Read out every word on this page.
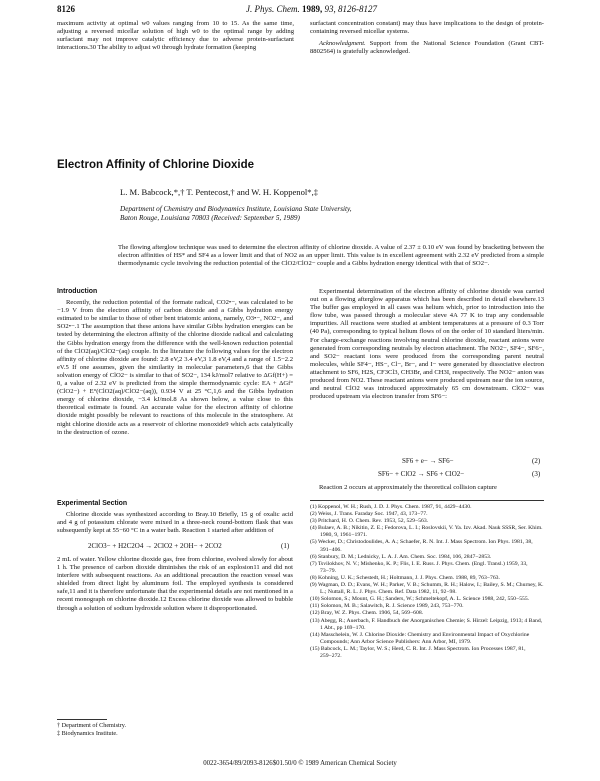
8126	J. Phys. Chem. 1989, 93, 8126-8127

maximum activity at optimal w0 values ranging from 10 to 15. As the same time, adjusting a reversed micellar solution of high w0 to the optimal range by adding surfactant may not improve catalytic efficiency due to adverse protein-surfactant interactions.30 The ability to adjust w0 through hydrate formation (keeping

surfactant concentration constant) may thus have implications to the design of protein-containing reversed micellar systems.

Acknowledgment. Support from the National Science Foundation (Grant CBT-8802564) is gratefully acknowledged.

Electron Affinity of Chlorine Dioxide
L. M. Babcock,*,† T. Pentecost,† and W. H. Koppenol*,‡
Department of Chemistry and Biodynamics Institute, Louisiana State University,
Baton Rouge, Louisiana 70803 (Received: September 5, 1989)
The flowing afterglow technique was used to determine the electron affinity of chlorine dioxide. A value of 2.37 ± 0.10 eV was found by bracketing between the electron affinities of HS* and SF4 as a lower limit and that of NO2 as an upper limit. This value is in excellent agreement with 2.32 eV predicted from a simple thermodynamic cycle involving the reduction potential of the ClO2/ClO2− couple and a Gibbs hydration energy identical with that of SO2−.
Introduction

Recently, the reduction potential of the formate radical, CO2•−, was calculated to be −1.9 V from the electron affinity of carbon dioxide and a Gibbs hydration energy estimated to be similar to those of other bent triatomic anions, namely, O3•−, NO2−, and SO2•−.1 The assumption that these anions have similar Gibbs hydration energies can be tested by determining the electron affinity of the chlorine dioxide radical and calculating the Gibbs hydration energy from the difference with the well-known reduction potential of the ClO2(aq)/ClO2−(aq) couple. In the literature the following values for the electron affinity of chlorine dioxide are found: 2.8 eV,2 3.4 eV,3 1.8 eV,4 and a range of 1.5−2.2 eV.5 If one assumes, given the similarity in molecular parameters,6 that the Gibbs solvation energy of ClO2− is similar to that of SO2−, 134 kJ/mol7 relative to ΔGf(H+) = 0, a value of 2.32 eV is predicted from the simple thermodynamic cycle: EA + ΔGf°(ClO2−) + E°(ClO2(aq)/ClO2−(aq)), 0.934 V at 25 °C,1,6 and the Gibbs hydration energy of chlorine dioxide, −3.4 kJ/mol.8 As shown below, a value close to this theoretical estimate is found. An accurate value for the electron affinity of chlorine dioxide might possibly be relevant to reactions of this molecule in the stratosphere. At night chlorine dioxide acts as a reservoir of chlorine monoxide9 which acts catalytically in the destruction of ozone.

Experimental Section

Chlorine dioxide was synthesized according to Bray.10 Briefly, 15 g of oxalic acid and 4 g of potassium chlorate were mixed in a three-neck round-bottom flask that was subsequently kept at 55−60 °C in a water bath. Reaction 1 started after addition of

2ClO3− + H2C2O4 → 2ClO2 + 2OH− + 2CO2	(1)

2 mL of water. Yellow chlorine dioxide gas, free from chlorine, evolved slowly for about 1 h. The presence of carbon dioxide diminishes the risk of an explosion11 and did not interfere with subsequent reactions. As an additional precaution the reaction vessel was shielded from direct light by aluminum foil. The employed synthesis is considered safe,11 and it is therefore unfortunate that the experimental details are not mentioned in a recent monograph on chlorine dioxide.12 Excess chlorine dioxide was allowed to bubble through a solution of sodium hydroxide solution where it disproportionated.

† Department of Chemistry.
‡ Biodynamics Institute.

Experimental determination of the electron affinity of chlorine dioxide was carried out on a flowing afterglow apparatus which has been described in detail elsewhere.13 The buffer gas employed in all cases was helium which, prior to introduction into the flow tube, was passed through a molecular sieve 4A 77 K to trap any condensable impurities. All reactions were studied at ambient temperatures at a pressure of 0.3 Torr (40 Pa), corresponding to typical helium flows of on the order of 10 standard liters/min. For charge-exchange reactions involving neutral chlorine dioxide, reactant anions were generated from corresponding neutrals by electron attachment. The NO2−, SF4−, SF6−, and SO2− reactant ions were produced from the corresponding parent neutral molecules, while SF4−, HS−, Cl−, Br−, and I− were generated by dissociative electron attachment to SF6, H2S, CF3Cl3, CH3Br, and CH3I, respectively. The NO2− anion was produced from NO2. These reactant anions were produced upstream near the ion source, and neutral ClO2 was introduced approximately 65 cm downstream. ClO2− was produced upstream via electron transfer from SF6−:

SF6 + e− → SF6−	(2)
SF6− + ClO2 → SF6 + ClO2−	(3)

Reaction 2 occurs at approximately the theoretical collision capture

(1) Koppenol, W. H.; Rush, J. D. J. Phys. Chem. 1987, 91, 4429−4430.
(2) Weiss, J. Trans. Faraday Soc. 1947, 43, 173−77.
(3) Pritchard, H. O. Chem. Rev. 1953, 52, 529−563.
(4) Bulaev, A. B.; Nikitin, Z. E.; Fedorova, L. I.; Roslovskii, V. Ya. Izv. Akad. Nauk SSSR, Ser. Khim. 1980, 9, 1961−1971.
(5) Wecker, D.; Christodoulides, A. A.; Schaefer, R. N. Int. J. Mass Spectrom. Ion Phys. 1981, 38, 391−406.
(6) Stanbury, D. M.; Lednicky, L. A. J. Am. Chem. Soc. 1984, 106, 2847−2853.
(7) Tsvilokhov, N. V.; Mishenko, K. P.; Flis, I. E. Russ. J. Phys. Chem. (Engl. Transl.) 1959, 33, 73−79.
(8) Kohning, U. K.; Schestedt, H.; Holtmann, J. J. Phys. Chem. 1988, 89, 763−763.
(9) Wagman, D. D.; Evans, W. H.; Parker, V. B.; Schumm, R. H.; Halow, I.; Bailey, S. M.; Churney, K. L.; Nuttall, R. L. J. Phys. Chem. Ref. Data 1982, 11, 92−98.
(10) Solomon, S.; Mount, G. H.; Sanders, W.; Schmeltekopf, A. L. Science 1988, 242, 550−555.
(11) Solomon, M. B.; Salawitch, R. J. Science 1989, 243, 753−770.
(12) Bray, W. Z. Phys. Chem. 1906, 54, 569−608.
(13) Abegg, R.; Auerbach, F. Handbuch der Anorganischen Chemie; S. Hirzel: Leipzig, 1913; 4 Band, 1 Abt., pp 169−170.
(14) Masschelein, W. J. Chlorine Dioxide: Chemistry and Environmental Impact of Oxychlorine Compounds; Ann Arbor Science Publishers: Ann Arbor, MI, 1979.
(15) Babcock, L. M.; Taylor, W. S.; Herd, C. R. Int. J. Mass Spectrom. Ion Processes 1987, 81, 259−272.
0022-3654/89/2093-8126$01.50/0 © 1989 American Chemical Society
